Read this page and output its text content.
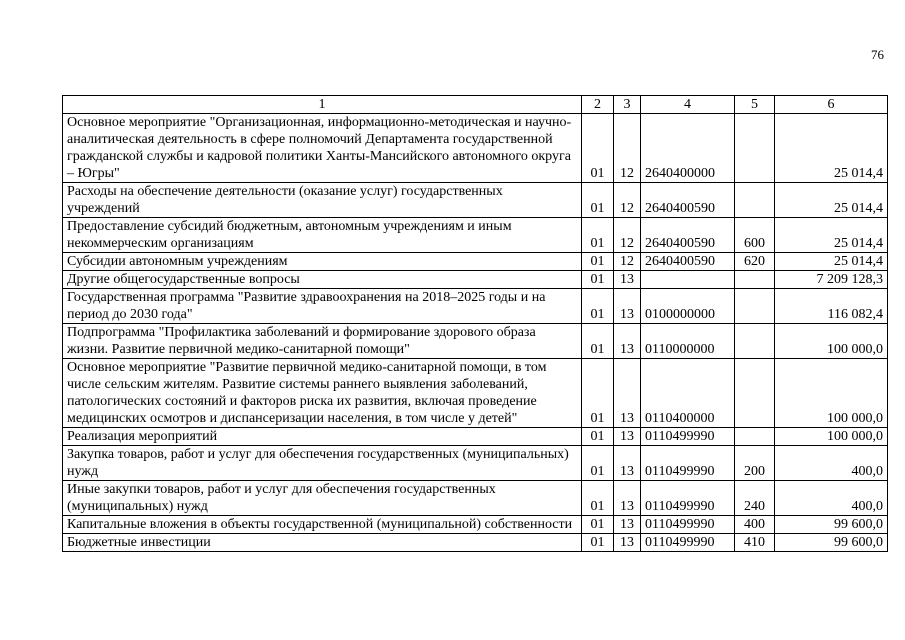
76
1	2	3	4	5	6
Основное мероприятие "Организационная, информационно-методическая и научно-аналитическая деятельность в сфере полномочий Департамента государственной гражданской службы и кадровой политики Ханты-Мансийского автономного округа – Югры"	01	12	2640400000		25 014,4
Расходы на обеспечение деятельности (оказание услуг) государственных учреждений	01	12	2640400590		25 014,4
Предоставление субсидий бюджетным, автономным учреждениям и иным некоммерческим организациям	01	12	2640400590	600	25 014,4
Субсидии автономным учреждениям	01	12	2640400590	620	25 014,4
Другие общегосударственные вопросы	01	13			7 209 128,3
Государственная программа "Развитие здравоохранения на 2018–2025 годы и на период до 2030 года"	01	13	0100000000		116 082,4
Подпрограмма "Профилактика заболеваний и формирование здорового образа жизни. Развитие первичной медико-санитарной помощи"	01	13	0110000000		100 000,0
Основное мероприятие "Развитие первичной медико-санитарной помощи, в том числе сельским жителям. Развитие системы раннего выявления заболеваний, патологических состояний и факторов риска их развития, включая проведение медицинских осмотров и диспансеризации населения, в том числе у детей"	01	13	0110400000		100 000,0
Реализация мероприятий	01	13	0110499990		100 000,0
Закупка товаров, работ и услуг для обеспечения государственных (муниципальных) нужд	01	13	0110499990	200	400,0
Иные закупки товаров, работ и услуг для обеспечения государственных (муниципальных) нужд	01	13	0110499990	240	400,0
Капитальные вложения в объекты государственной (муниципальной) собственности	01	13	0110499990	400	99 600,0
Бюджетные инвестиции	01	13	0110499990	410	99 600,0
